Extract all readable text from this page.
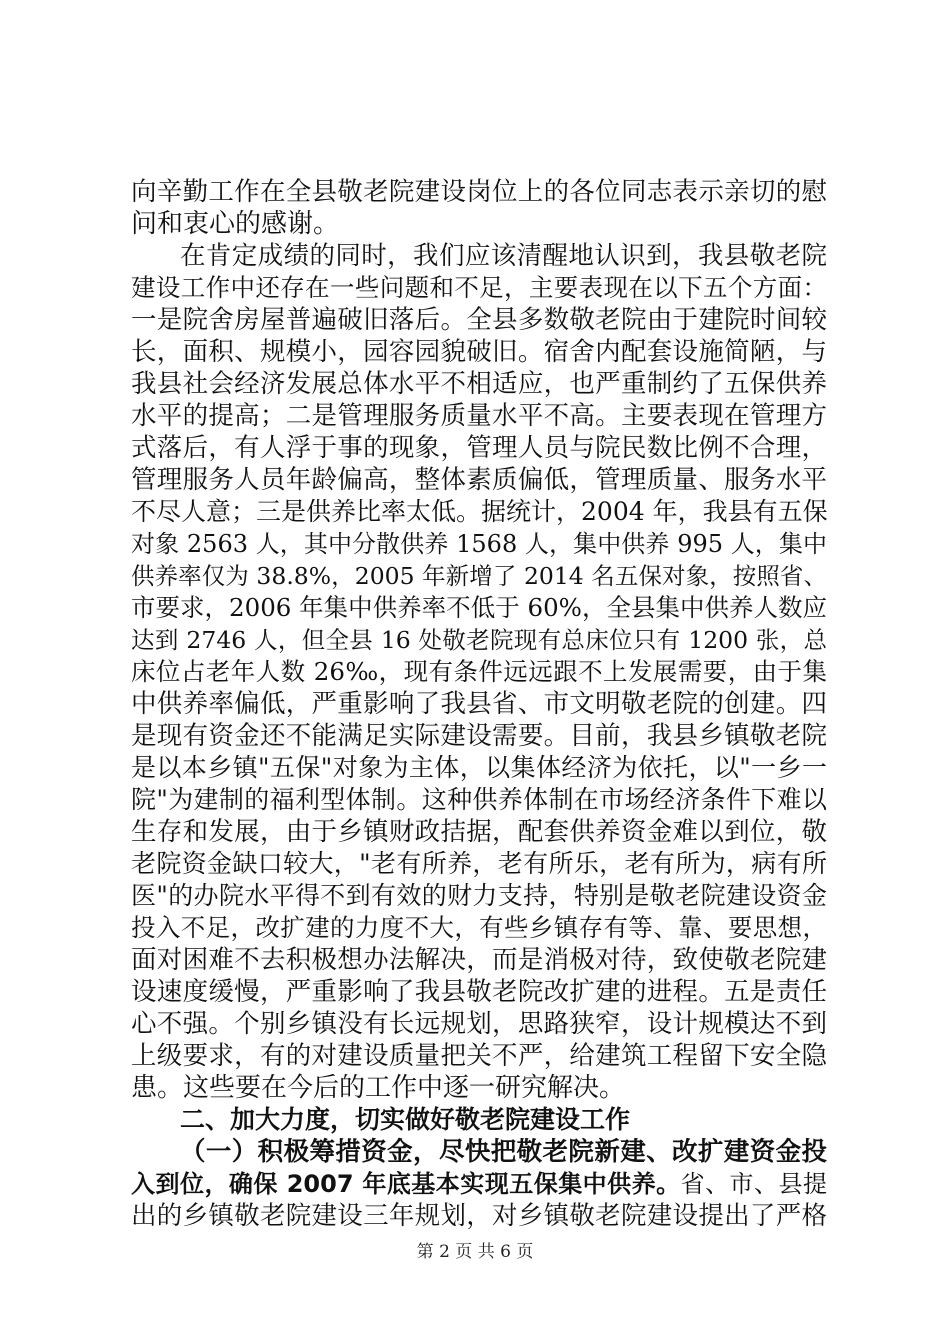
向辛勤工作在全县敬老院建设岗位上的各位同志表示亲切的慰
问和衷心的感谢。
在肯定成绩的同时，我们应该清醒地认识到，我县敬老院
建设工作中还存在一些问题和不足，主要表现在以下五个方面：
一是院舍房屋普遍破旧落后。全县多数敬老院由于建院时间较
长，面积、规模小，园容园貌破旧。宿舍内配套设施简陋，与
我县社会经济发展总体水平不相适应，也严重制约了五保供养
水平的提高；二是管理服务质量水平不高。主要表现在管理方
式落后，有人浮于事的现象，管理人员与院民数比例不合理，
管理服务人员年龄偏高，整体素质偏低，管理质量、服务水平
不尽人意；三是供养比率太低。据统计，2004 年，我县有五保
对象 2563 人，其中分散供养 1568 人，集中供养 995 人，集中
供养率仅为 38.8%，2005 年新增了 2014 名五保对象，按照省、
市要求，2006 年集中供养率不低于 60%，全县集中供养人数应
达到 2746 人，但全县 16 处敬老院现有总床位只有 1200 张，总
床位占老年人数 26‰，现有条件远远跟不上发展需要，由于集
中供养率偏低，严重影响了我县省、市文明敬老院的创建。四
是现有资金还不能满足实际建设需要。目前，我县乡镇敬老院
是以本乡镇"五保"对象为主体，以集体经济为依托，以"一乡一
院"为建制的福利型体制。这种供养体制在市场经济条件下难以
生存和发展，由于乡镇财政拮据，配套供养资金难以到位，敬
老院资金缺口较大，"老有所养，老有所乐，老有所为，病有所
医"的办院水平得不到有效的财力支持，特别是敬老院建设资金
投入不足，改扩建的力度不大，有些乡镇存有等、靠、要思想，
面对困难不去积极想办法解决，而是消极对待，致使敬老院建
设速度缓慢，严重影响了我县敬老院改扩建的进程。五是责任
心不强。个别乡镇没有长远规划，思路狭窄，设计规模达不到
上级要求，有的对建设质量把关不严，给建筑工程留下安全隐
患。这些要在今后的工作中逐一研究解决。
二、加大力度，切实做好敬老院建设工作
（一）积极筹措资金，尽快把敬老院新建、改扩建资金投
入到位，确保 2007 年底基本实现五保集中供养。省、市、县提
出的乡镇敬老院建设三年规划，对乡镇敬老院建设提出了严格
第 2 页 共 6 页
